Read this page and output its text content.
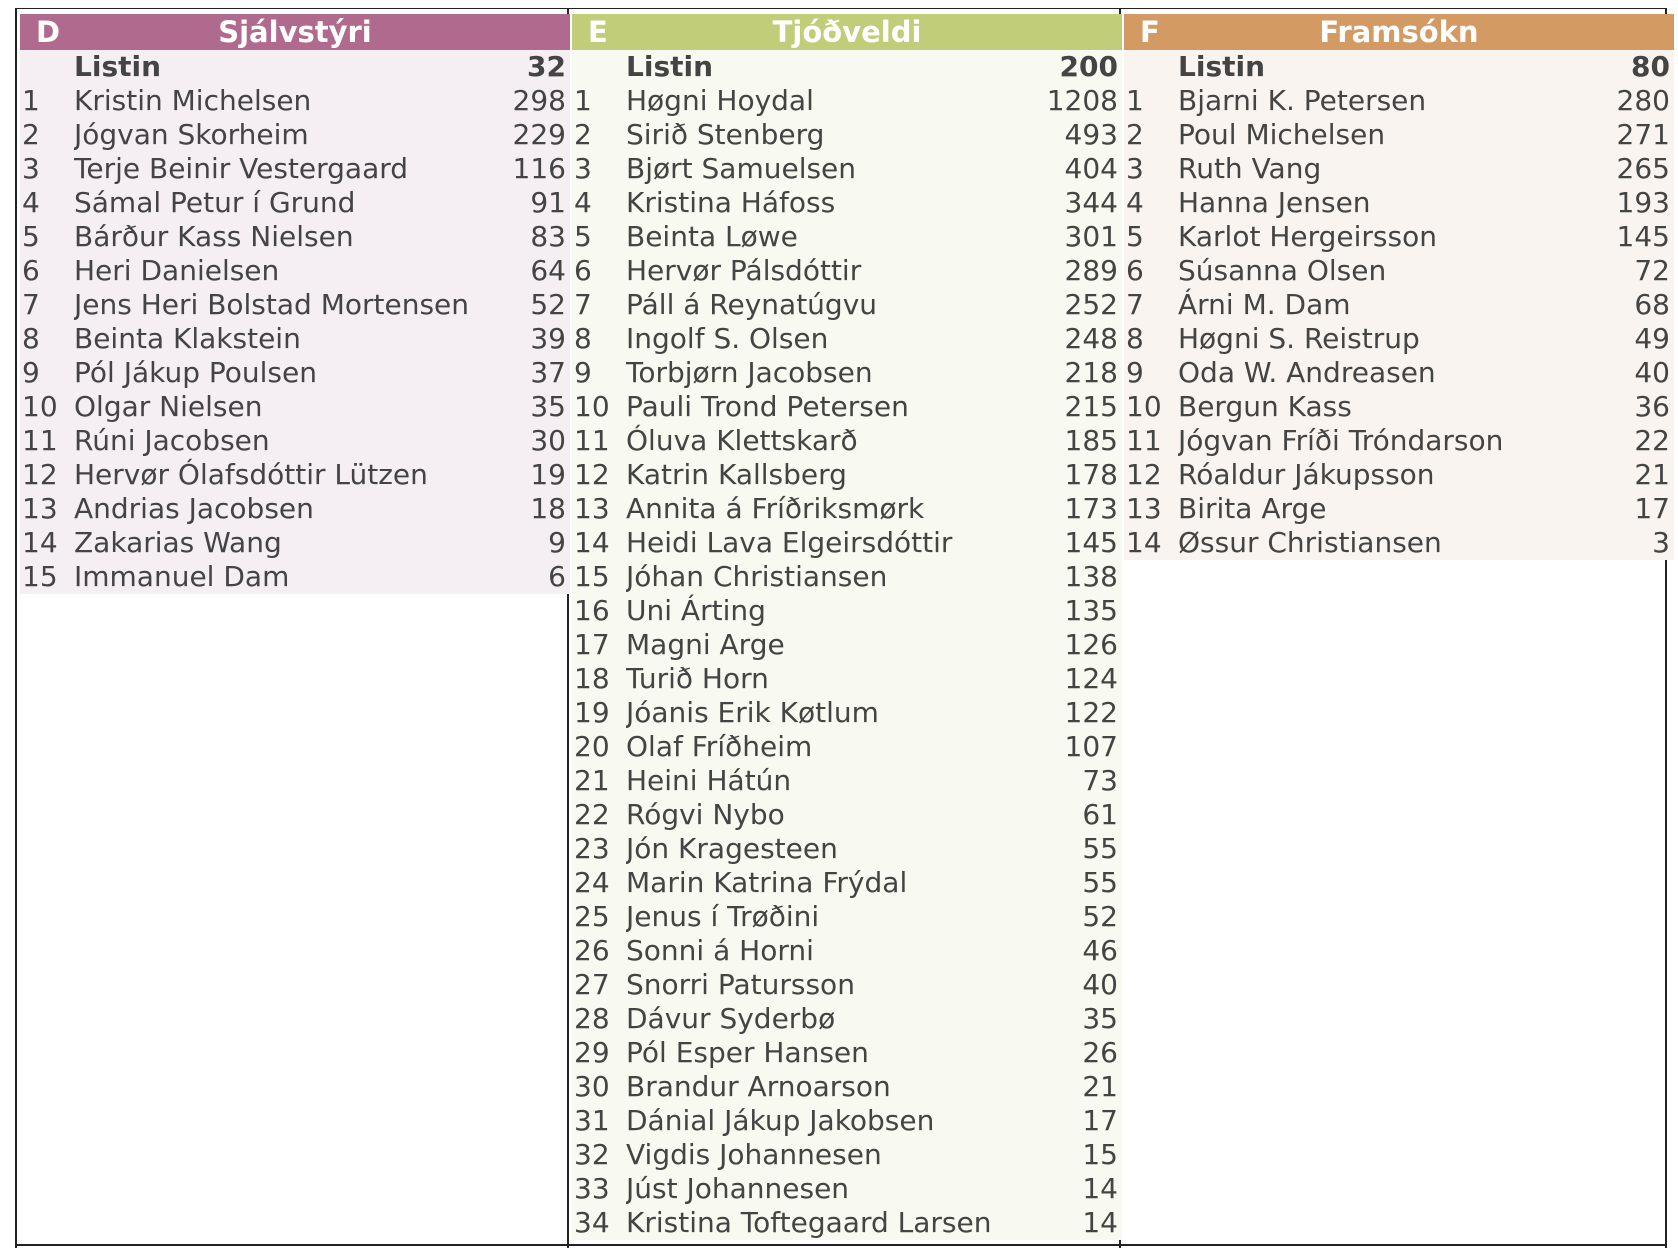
D	Sjálvstýri
Listin	32
1	Kristin Michelsen	298
2	Jógvan Skorheim	229
3	Terje Beinir Vestergaard	116
4	Sámal Petur í Grund	91
5	Bárður Kass Nielsen	83
6	Heri Danielsen	64
7	Jens Heri Bolstad Mortensen	52
8	Beinta Klakstein	39
9	Pól Jákup Poulsen	37
10 Olgar Nielsen	35
11 Rúni Jacobsen	30
12 Hervør Ólafsdóttir Lützen	19
13 Andrias Jacobsen	18
14 Zakarias Wang	9
15 Immanuel Dam	6
E	Tjóðveldi
Listin	200
1	Høgni Hoydal	1208
2	Sirið Stenberg	493
3	Bjørt Samuelsen	404
4	Kristina Háfoss	344
5	Beinta Løwe	301
6	Hervør Pálsdóttir	289
7	Páll á Reynatúgvu	252
8	Ingolf S. Olsen	248
9	Torbjørn Jacobsen	218
10 Pauli Trond Petersen	215
11 Óluva Klettskarð	185
12 Katrin Kallsberg	178
13 Annita á Fríðriksmørk	173
14 Heidi Lava Elgeirsdóttir	145
15 Jóhan Christiansen	138
16 Uni Árting	135
17 Magni Arge	126
18 Turið Horn	124
19 Jóanis Erik Køtlum	122
20 Olaf Fríðheim	107
21 Heini Hátún	73
22 Rógvi Nybo	61
23 Jón Kragesteen	55
24 Marin Katrina Frýdal	55
25 Jenus í Trøðini	52
26 Sonni á Horni	46
27 Snorri Patursson	40
28 Dávur Syderbø	35
29 Pól Esper Hansen	26
30 Brandur Arnoarson	21
31 Dánial Jákup Jakobsen	17
32 Vigdis Johannesen	15
33 Júst Johannesen	14
34 Kristina Toftegaard Larsen	14
F	Framsókn
Listin	80
1	Bjarni K. Petersen	280
2	Poul Michelsen	271
3	Ruth Vang	265
4	Hanna Jensen	193
5	Karlot Hergeirsson	145
6	Súsanna Olsen	72
7	Árni M. Dam	68
8	Høgni S. Reistrup	49
9	Oda W. Andreasen	40
10 Bergun Kass	36
11 Jógvan Fríði Tróndarson	22
12 Róaldur Jákupsson	21
13 Birita Arge	17
14 Øssur Christiansen	3
